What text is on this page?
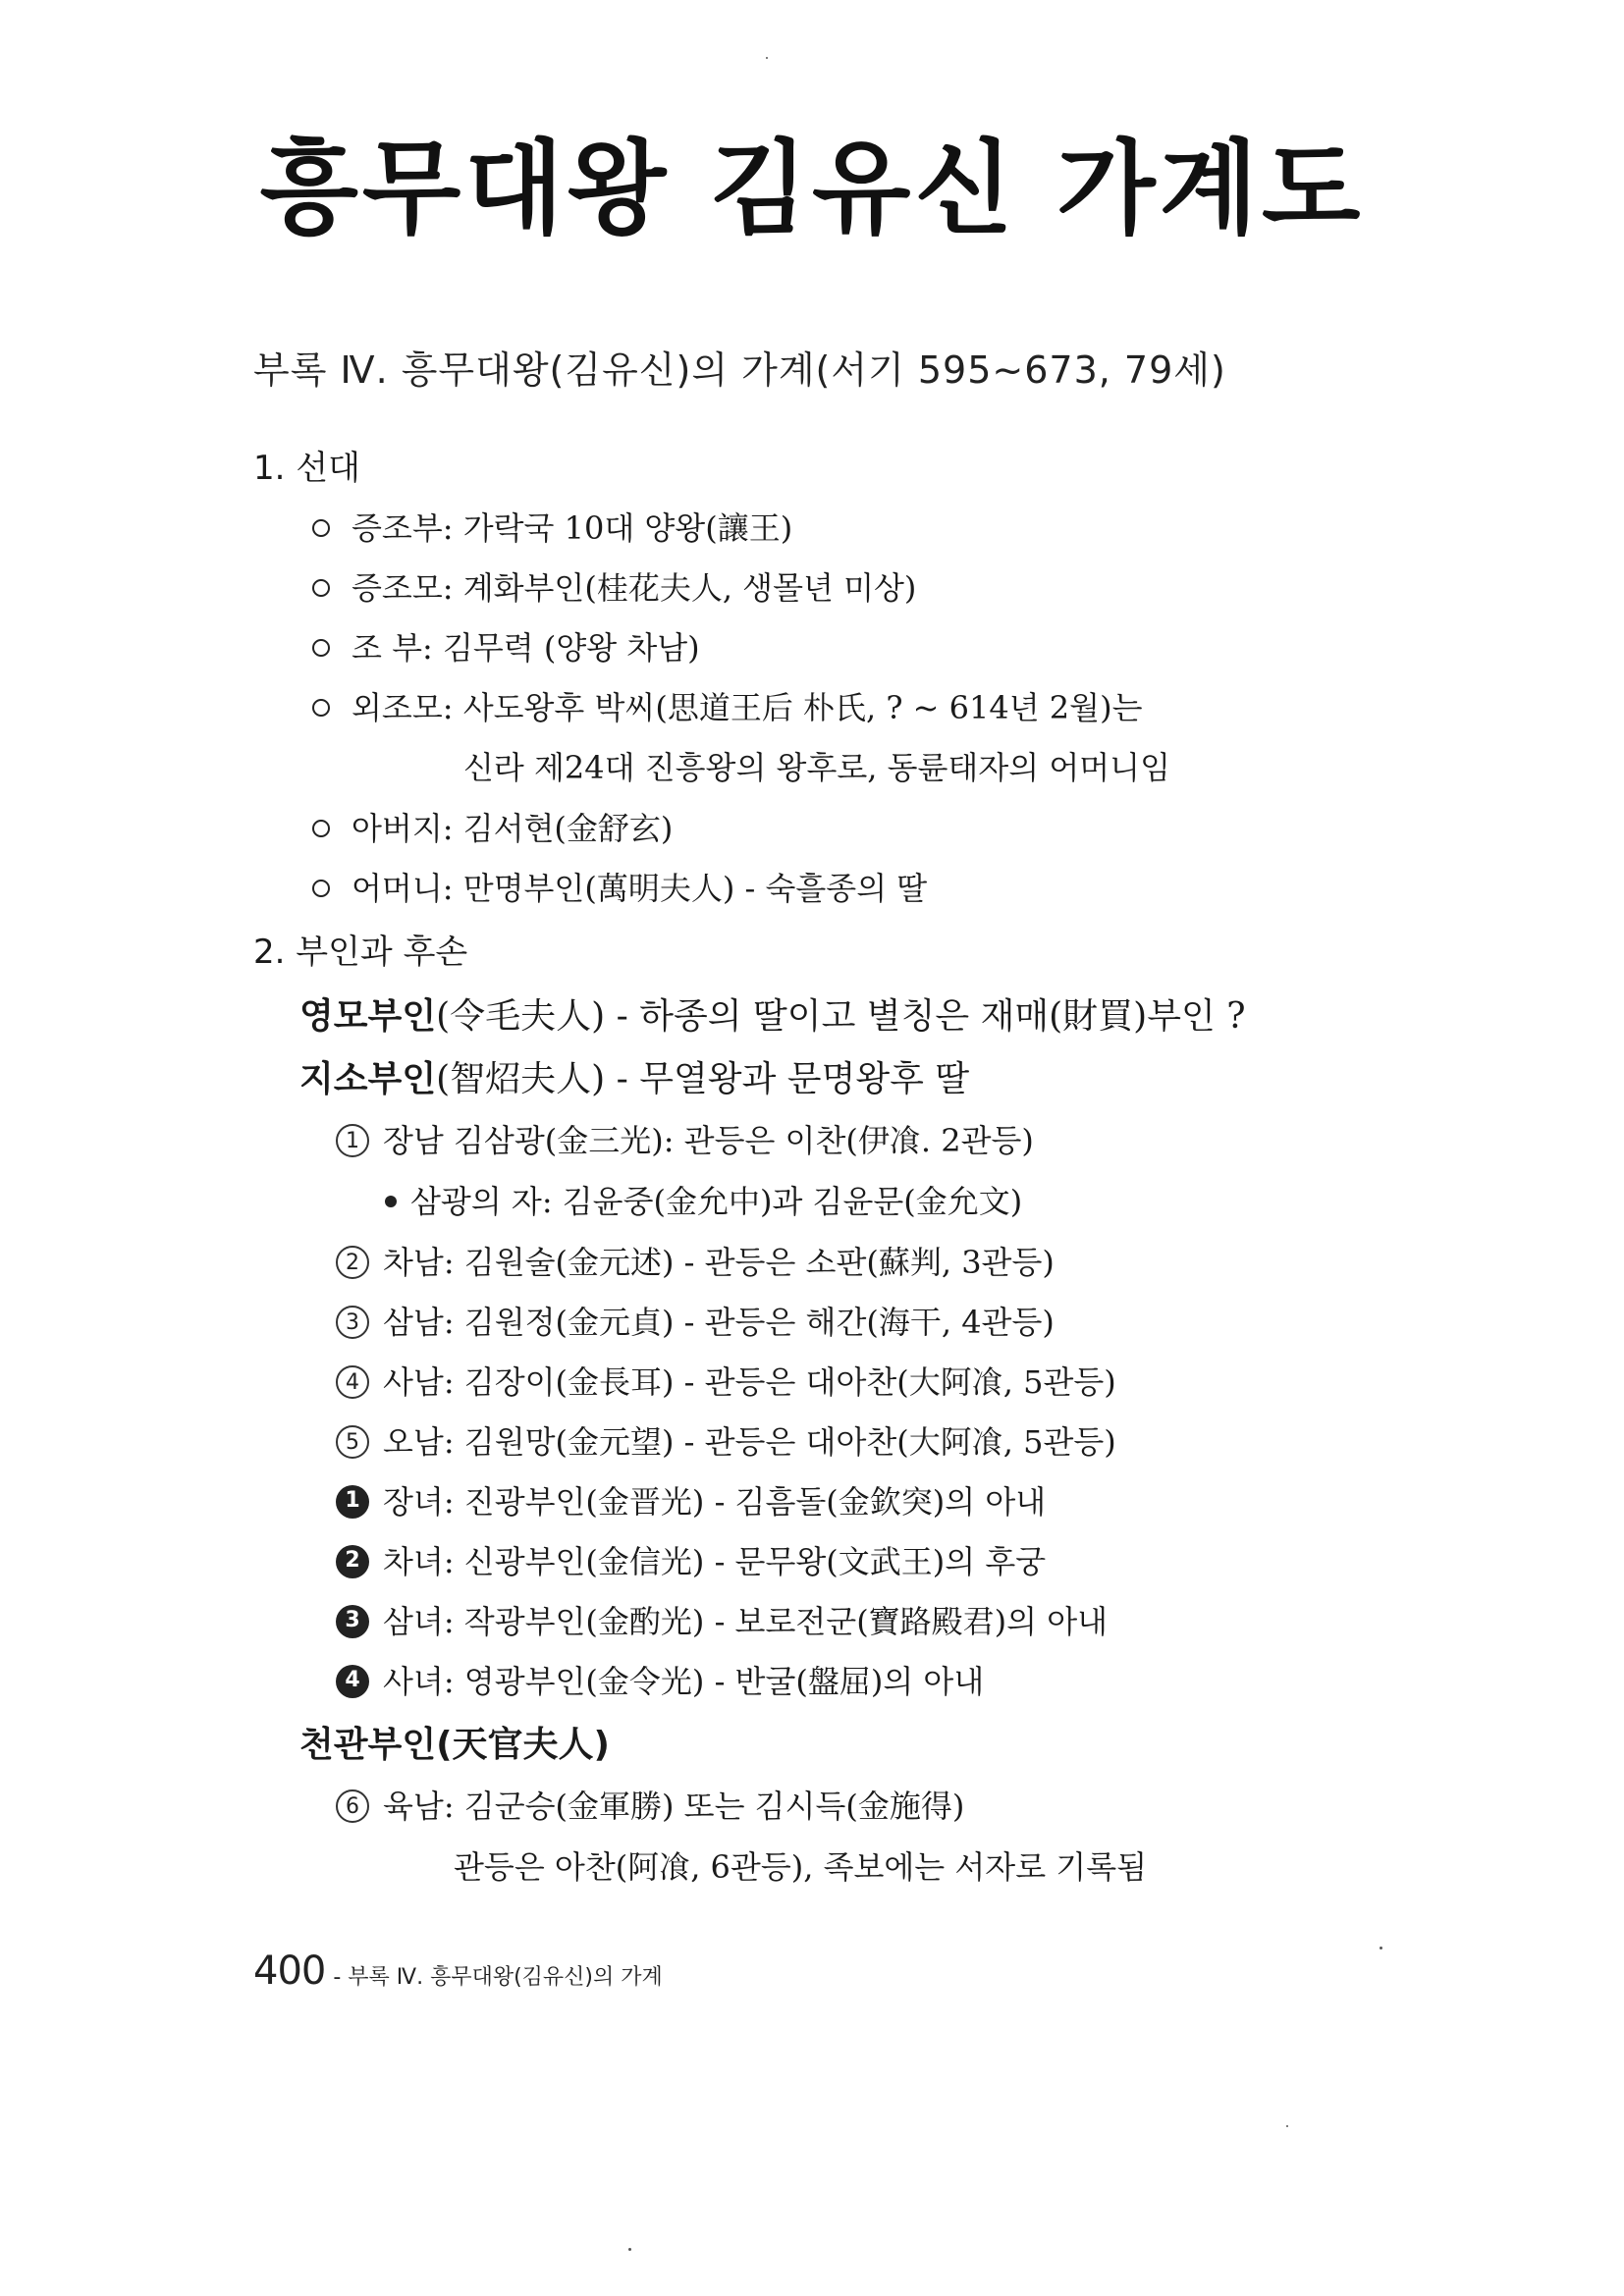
흥무대왕 김유신 가계도
부록 Ⅳ. 흥무대왕(김유신)의 가계(서기 595~673, 79세)
1. 선대
증조부: 가락국 10대 양왕(讓王)
증조모: 계화부인(桂花夫人, 생몰년 미상)
조 부: 김무력 (양왕 차남)
외조모: 사도왕후 박씨(思道王后 朴氏, ? ~ 614년 2월)는
신라 제24대 진흥왕의 왕후로, 동륜태자의 어머니임
아버지: 김서현(金舒玄)
어머니: 만명부인(萬明夫人) - 숙흘종의 딸
2. 부인과 후손
영모부인(令毛夫人) - 하종의 딸이고 별칭은 재매(財買)부인 ?
지소부인(智炤夫人) - 무열왕과 문명왕후 딸
1 장남 김삼광(金三光): 관등은 이찬(伊飡. 2관등)
삼광의 자: 김윤중(金允中)과 김윤문(金允文)
2 차남: 김원술(金元述) - 관등은 소판(蘇判, 3관등)
3 삼남: 김원정(金元貞) - 관등은 해간(海干, 4관등)
4 사남: 김장이(金長耳) - 관등은 대아찬(大阿飡, 5관등)
5 오남: 김원망(金元望) - 관등은 대아찬(大阿飡, 5관등)
1 장녀: 진광부인(金晋光) - 김흠돌(金欽突)의 아내
2 차녀: 신광부인(金信光) - 문무왕(文武王)의 후궁
3 삼녀: 작광부인(金酌光) - 보로전군(寶路殿君)의 아내
4 사녀: 영광부인(金令光) - 반굴(盤屈)의 아내
천관부인(天官夫人)
6 육남: 김군승(金軍勝) 또는 김시득(金施得)
관등은 아찬(阿飡, 6관등), 족보에는 서자로 기록됨
400 - 부록 Ⅳ. 흥무대왕(김유신)의 가계
